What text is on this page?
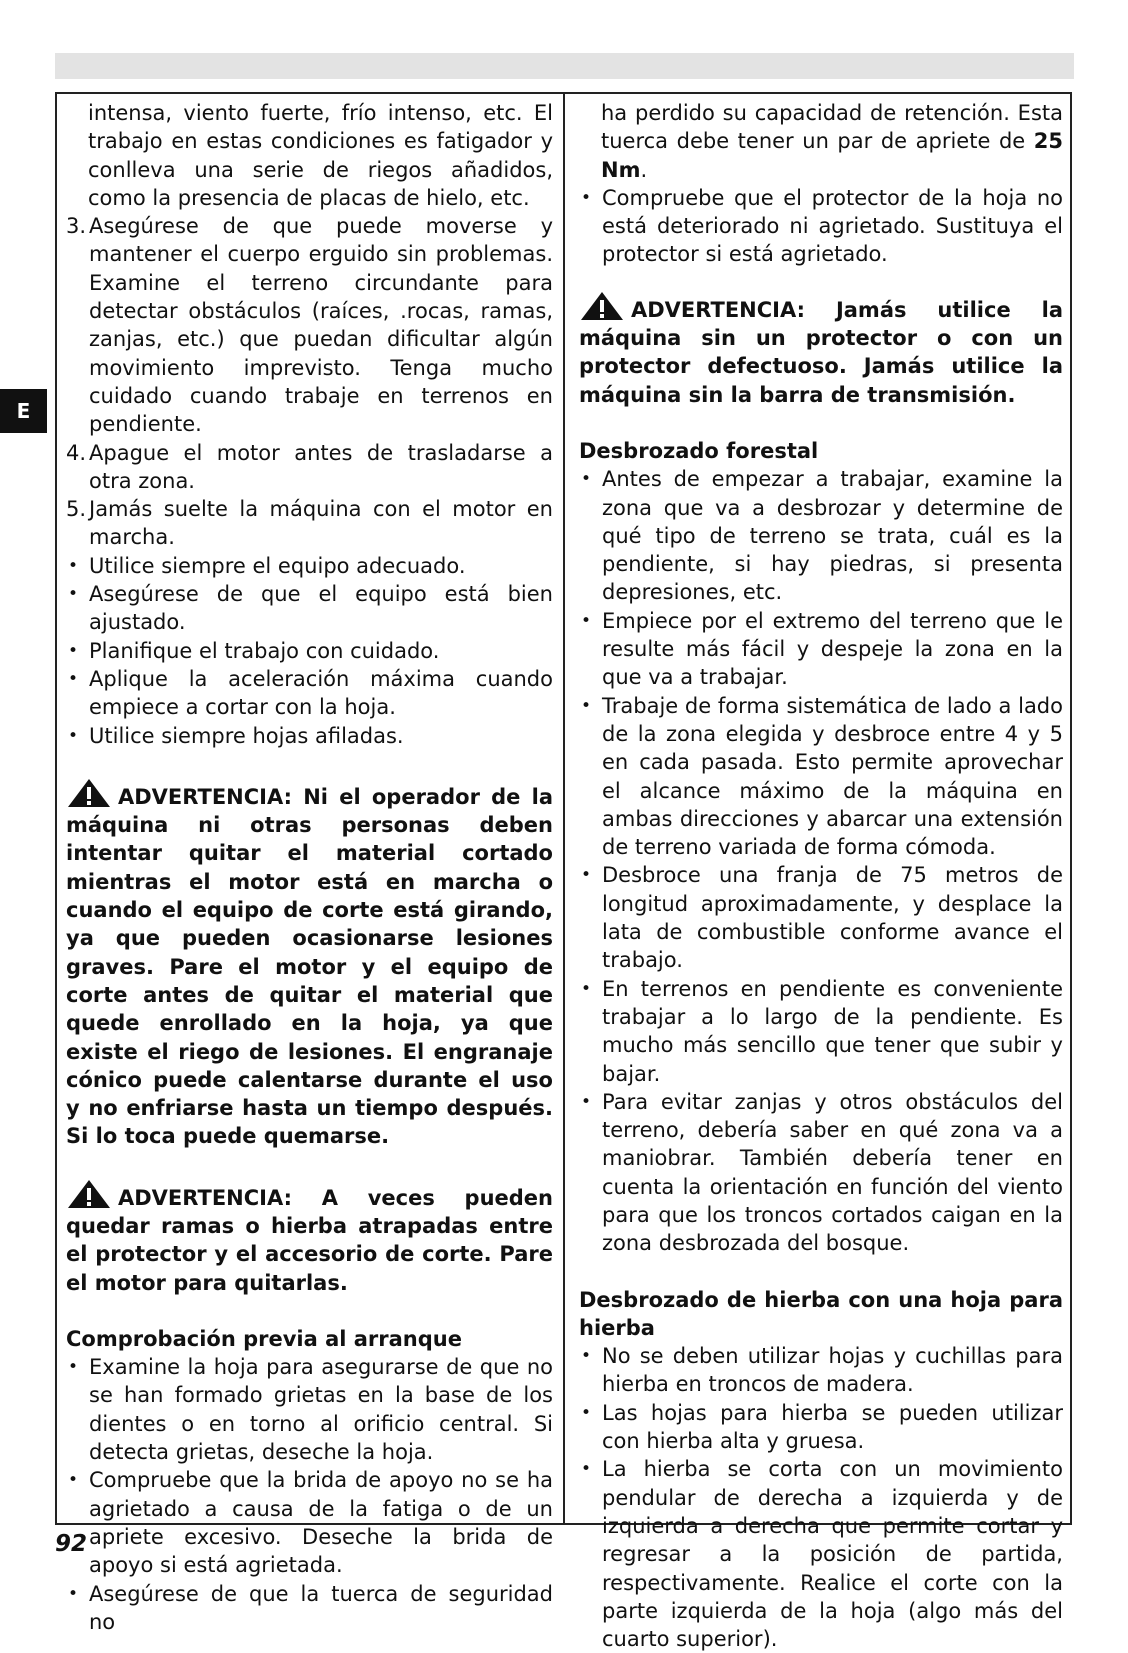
E

intensa, viento fuerte, frío intenso, etc. El trabajo en estas condiciones es fatigador y conlleva una serie de riegos añadidos, como la presencia de placas de hielo, etc.

3. Asegúrese de que puede moverse y mantener el cuerpo erguido sin problemas. Examine el terreno circundante para detectar obstáculos (raíces, .rocas, ramas, zanjas, etc.) que puedan dificultar algún movimiento imprevisto. Tenga mucho cuidado cuando trabaje en terrenos en pendiente.
4. Apague el motor antes de trasladarse a otra zona.
5. Jamás suelte la máquina con el motor en marcha.
• Utilice siempre el equipo adecuado.
• Asegúrese de que el equipo está bien ajustado.
• Planifique el trabajo con cuidado.
• Aplique la aceleración máxima cuando empiece a cortar con la hoja.
• Utilice siempre hojas afiladas.
ADVERTENCIA: Ni el operador de la máquina ni otras personas deben intentar quitar el material cortado mientras el motor está en marcha o cuando el equipo de corte está girando, ya que pueden ocasionarse lesiones graves. Pare el motor y el equipo de corte antes de quitar el material que quede enrollado en la hoja, ya que existe el riego de lesiones. El engranaje cónico puede calentarse durante el uso y no enfriarse hasta un tiempo después. Si lo toca puede quemarse.
ADVERTENCIA: A veces pueden quedar ramas o hierba atrapadas entre el protector y el accesorio de corte. Pare el motor para quitarlas.
Comprobación previa al arranque
• Examine la hoja para asegurarse de que no se han formado grietas en la base de los dientes o en torno al orificio central. Si detecta grietas, deseche la hoja.
• Compruebe que la brida de apoyo no se ha agrietado a causa de la fatiga o de un apriete excesivo. Deseche la brida de apoyo si está agrietada.
• Asegúrese de que la tuerca de seguridad no

ha perdido su capacidad de retención. Esta tuerca debe tener un par de apriete de 25 Nm.

• Compruebe que el protector de la hoja no está deteriorado ni agrietado. Sustituya el protector si está agrietado.
ADVERTENCIA: Jamás utilice la máquina sin un protector o con un protector defectuoso. Jamás utilice la máquina sin la barra de transmisión.
Desbrozado forestal
• Antes de empezar a trabajar, examine la zona que va a desbrozar y determine de qué tipo de terreno se trata, cuál es la pendiente, si hay piedras, si presenta depresiones, etc.
• Empiece por el extremo del terreno que le resulte más fácil y despeje la zona en la que va a trabajar.
• Trabaje de forma sistemática de lado a lado de la zona elegida y desbroce entre 4 y 5 en cada pasada. Esto permite aprovechar el alcance máximo de la máquina en ambas direcciones y abarcar una extensión de terreno variada de forma cómoda.
• Desbroce una franja de 75 metros de longitud aproximadamente, y desplace la lata de combustible conforme avance el trabajo.
• En terrenos en pendiente es conveniente trabajar a lo largo de la pendiente. Es mucho más sencillo que tener que subir y bajar.
• Para evitar zanjas y otros obstáculos del terreno, debería saber en qué zona va a maniobrar. También debería tener en cuenta la orientación en función del viento para que los troncos cortados caigan en la zona desbrozada del bosque.
Desbrozado de hierba con una hoja para hierba
• No se deben utilizar hojas y cuchillas para hierba en troncos de madera.
• Las hojas para hierba se pueden utilizar con hierba alta y gruesa.
• La hierba se corta con un movimiento pendular de derecha a izquierda y de izquierda a derecha que permite cortar y regresar a la posición de partida, respectivamente. Realice el corte con la parte izquierda de la hoja (algo más del cuarto superior).
92
